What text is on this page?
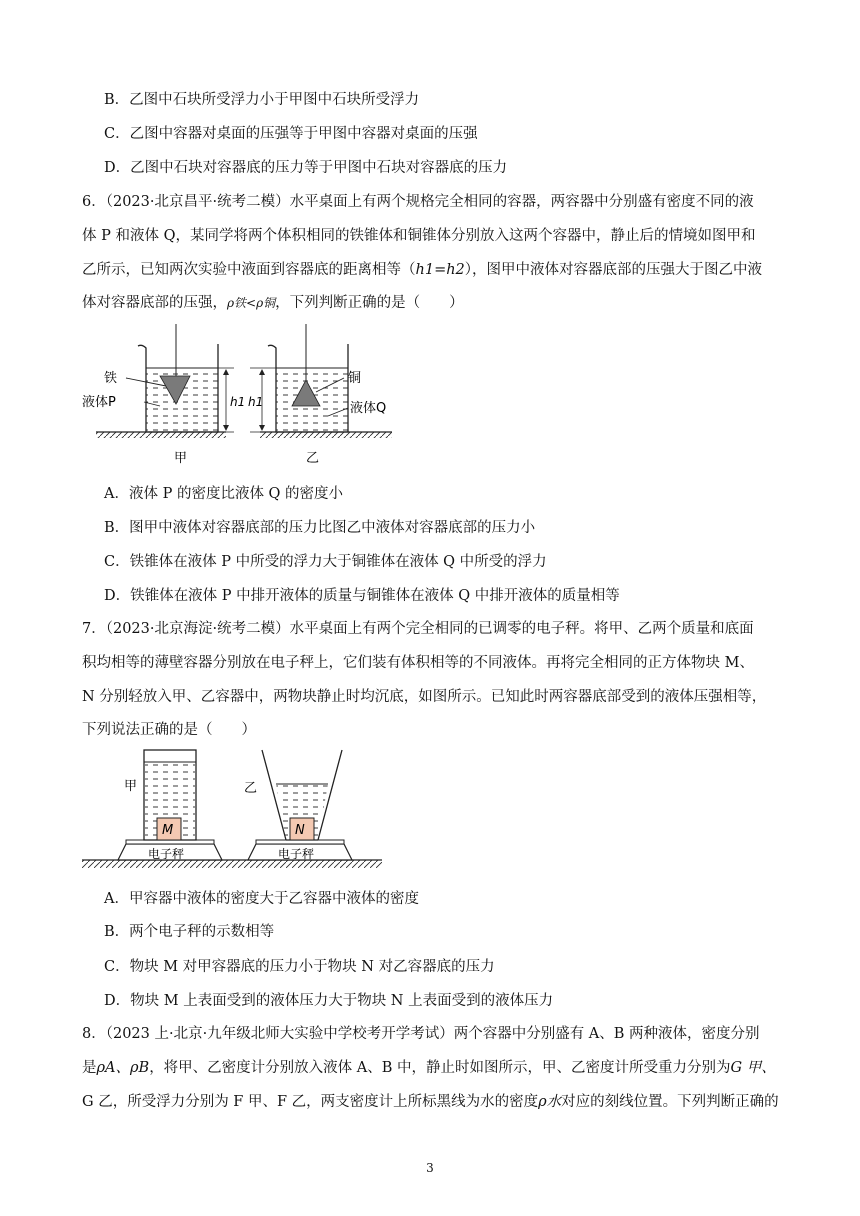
B．乙图中石块所受浮力小于甲图中石块所受浮力
C．乙图中容器对桌面的压强等于甲图中容器对桌面的压强
D．乙图中石块对容器底的压力等于甲图中石块对容器底的压力
6．（2023·北京昌平·统考二模）水平桌面上有两个规格完全相同的容器，两容器中分别盛有密度不同的液
体 P 和液体 Q，某同学将两个体积相同的铁锥体和铜锥体分别放入这两个容器中，静止后的情境如图甲和
乙所示，已知两次实验中液面到容器底的距离相等（h1=h2），图甲中液体对容器底部的压强大于图乙中液
体对容器底部的压强，ρ铁<ρ铜，下列判断正确的是（　　）
铁
液体P	h1
甲
铜
液体Q
h1
乙
A．液体 P 的密度比液体 Q 的密度小
B．图甲中液体对容器底部的压力比图乙中液体对容器底部的压力小
C．铁锥体在液体 P 中所受的浮力大于铜锥体在液体 Q 中所受的浮力
D．铁锥体在液体 P 中排开液体的质量与铜锥体在液体 Q 中排开液体的质量相等
7．（2023·北京海淀·统考二模）水平桌面上有两个完全相同的已调零的电子秤。将甲、乙两个质量和底面
积均相等的薄壁容器分别放在电子秤上，它们装有体积相等的不同液体。再将完全相同的正方体物块 M、
N 分别轻放入甲、乙容器中，两物块静止时均沉底，如图所示。已知此时两容器底部受到的液体压强相等，
下列说法正确的是（　　）
甲
M
电子秤
乙
N
电子秤
A．甲容器中液体的密度大于乙容器中液体的密度
B．两个电子秤的示数相等
C．物块 M 对甲容器底的压力小于物块 N 对乙容器底的压力
D．物块 M 上表面受到的液体压力大于物块 N 上表面受到的液体压力
8．（2023 上·北京·九年级北师大实验中学校考开学考试）两个容器中分别盛有 A、B 两种液体，密度分别
是ρA、ρB，将甲、乙密度计分别放入液体 A、B 中，静止时如图所示，甲、乙密度计所受重力分别为G 甲、
G 乙，所受浮力分别为 F 甲、F 乙，两支密度计上所标黑线为水的密度ρ水对应的刻线位置。下列判断正确的
3
